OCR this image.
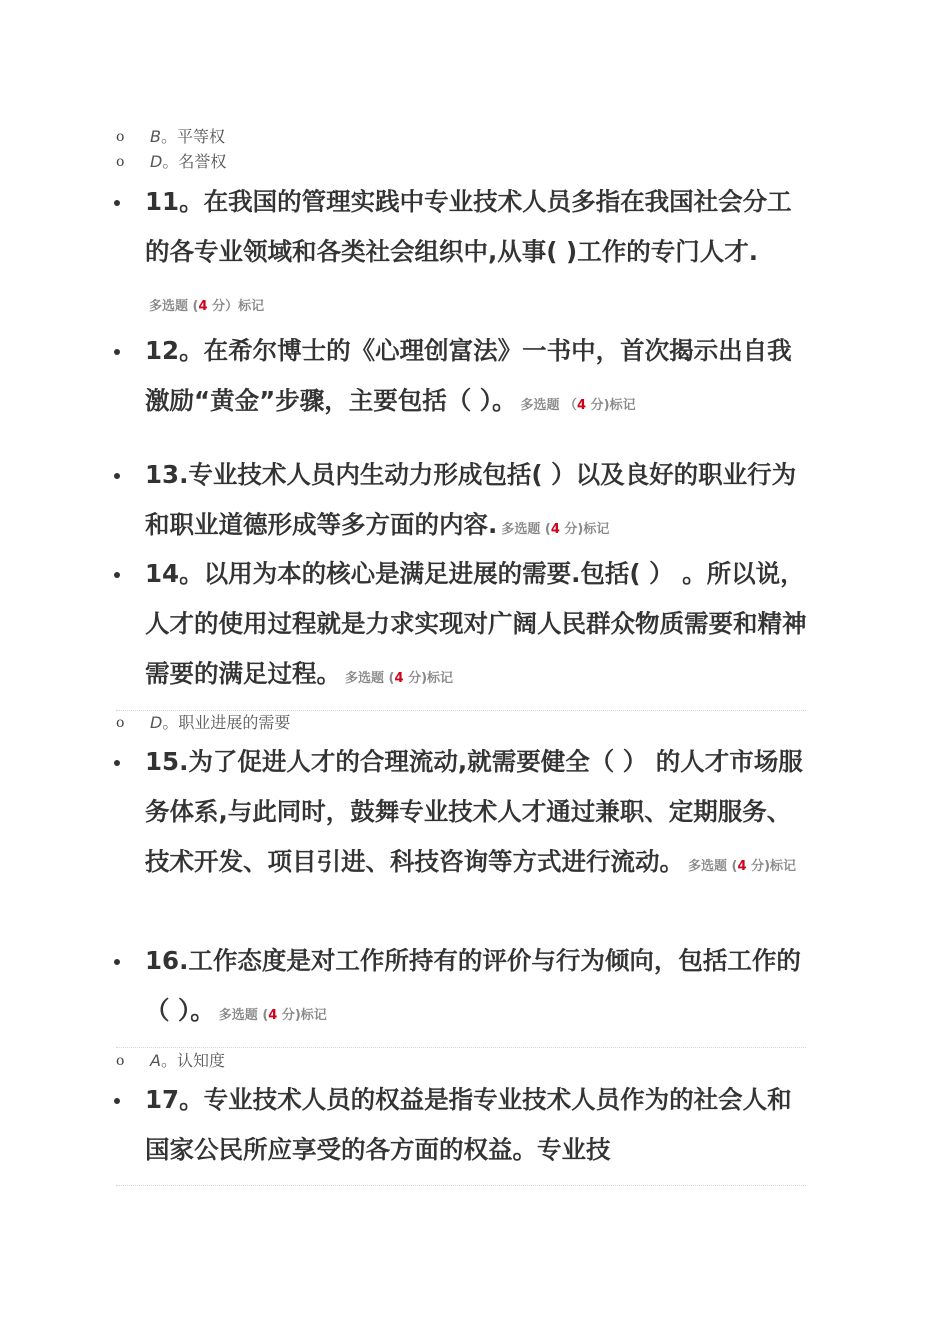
o B。平等权
o D。名誉权
11。在我国的管理实践中专业技术人员多指在我国社会分工的各专业领域和各类社会组织中,从事( )工作的专门人才.多选题 (4 分）标记
12。在希尔博士的《心理创富法》一书中，首次揭示出自我激励“黄金”步骤，主要包括（ ）。 多选题 （4 分)标记
13.专业技术人员内生动力形成包括( ）以及良好的职业行为和职业道德形成等多方面的内容. 多选题 (4 分)标记
14。以用为本的核心是满足进展的需要.包括( ） 。所以说，人才的使用过程就是力求实现对广阔人民群众物质需要和精神需要的满足过程。 多选题 (4 分)标记
o D。职业进展的需要
15.为了促进人才的合理流动,就需要健全（ ） 的人才市场服务体系,与此同时，鼓舞专业技术人才通过兼职、定期服务、技术开发、项目引进、科技咨询等方式进行流动。 多选题 (4 分)标记
16.工作态度是对工作所持有的评价与行为倾向，包括工作的（ ）。 多选题 (4 分)标记
o A。认知度
17。专业技术人员的权益是指专业技术人员作为的社会人和国家公民所应享受的各方面的权益。专业技
